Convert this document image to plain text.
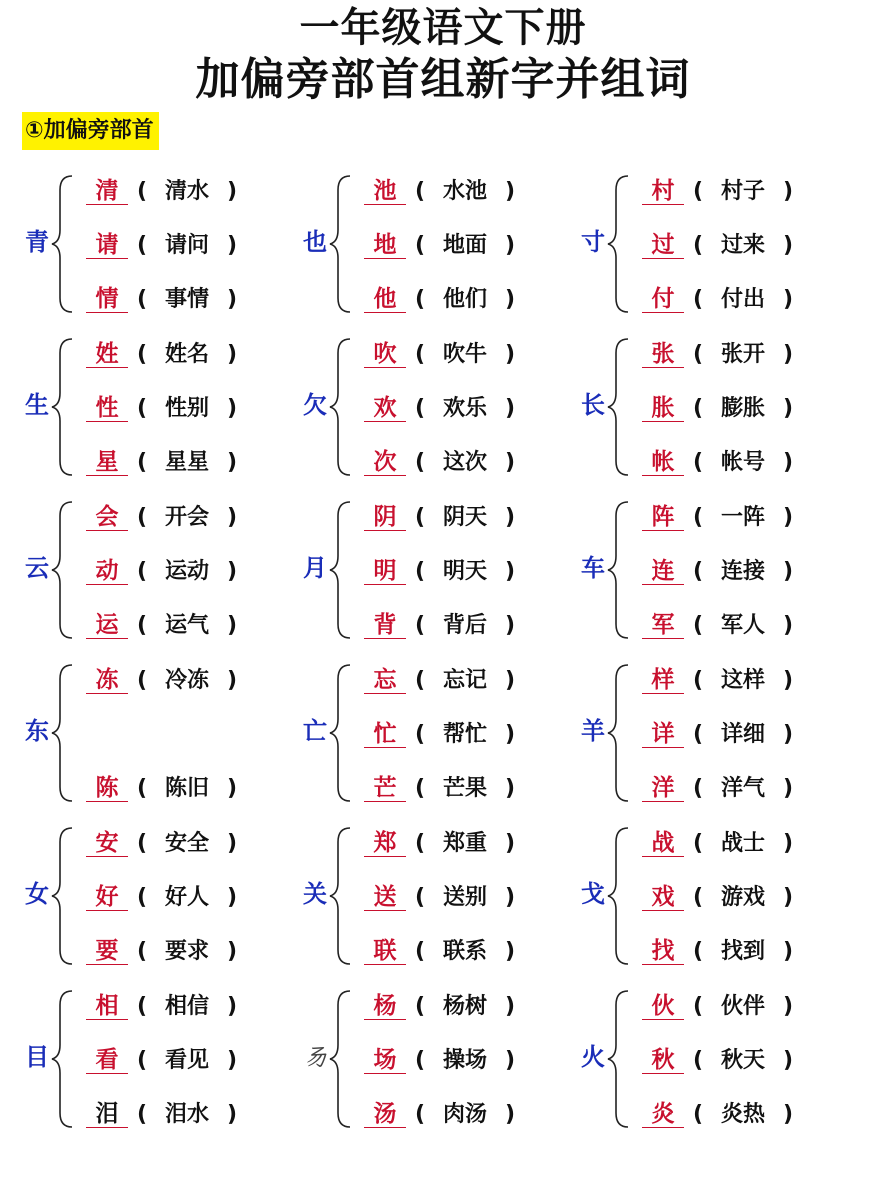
一年级语文下册
加偏旁部首组新字并组词
①加偏旁部首
青
清 ( 清水 )
请 ( 请问 )
情 ( 事情 )
生
姓 ( 姓名 )
性 ( 性别 )
星 ( 星星 )
云
会 ( 开会 )
动 ( 运动 )
运 ( 运气 )
东
冻 ( 冷冻 )
陈 ( 陈旧 )
女
安 ( 安全 )
好 ( 好人 )
要 ( 要求 )
目
相 ( 相信 )
看 ( 看见 )
泪 ( 泪水 )
也
池 ( 水池 )
地 ( 地面 )
他 ( 他们 )
欠
吹 ( 吹牛 )
欢 ( 欢乐 )
次 ( 这次 )
月
阴 ( 阴天 )
明 ( 明天 )
背 ( 背后 )
亡
忘 ( 忘记 )
忙 ( 帮忙 )
芒 ( 芒果 )
关
郑 ( 郑重 )
送 ( 送别 )
联 ( 联系 )
𠃓
杨 ( 杨树 )
场 ( 操场 )
汤 ( 肉汤 )
寸
村 ( 村子 )
过 ( 过来 )
付 ( 付出 )
长
张 ( 张开 )
胀 ( 膨胀 )
帐 ( 帐号 )
车
阵 ( 一阵 )
连 ( 连接 )
军 ( 军人 )
羊
样 ( 这样 )
详 ( 详细 )
洋 ( 洋气 )
戈
战 ( 战士 )
戏 ( 游戏 )
找 ( 找到 )
火
伙 ( 伙伴 )
秋 ( 秋天 )
炎 ( 炎热 )
